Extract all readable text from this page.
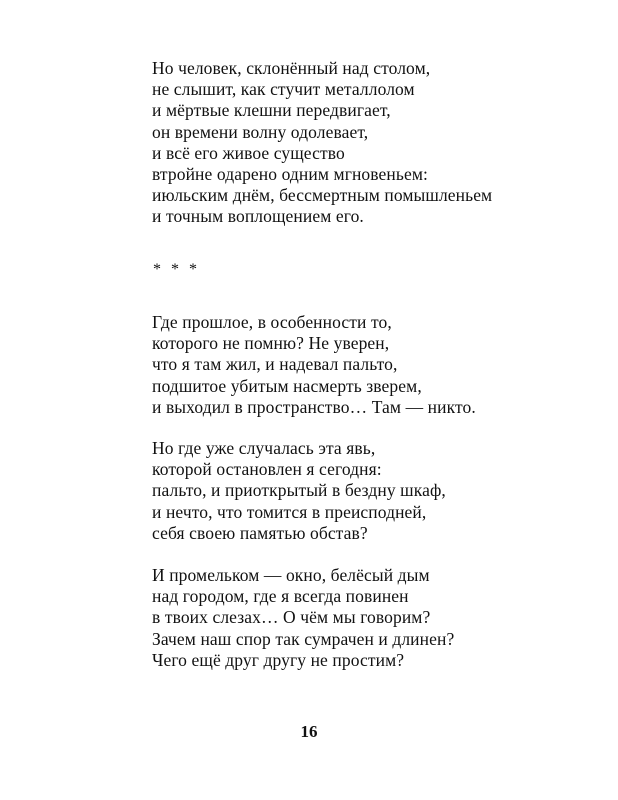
Но человек, склонённый над столом,
не слышит, как стучит металлолом
и мёртвые клешни передвигает,
он времени волну одолевает,
и всё его живое существо
втройне одарено одним мгновеньем:
июльским днём, бессмертным помышленьем
и точным воплощением его.
* * *
Где прошлое, в особенности то,
которого не помню? Не уверен,
что я там жил, и надевал пальто,
подшитое убитым насмерть зверем,
и выходил в пространство… Там — никто.
Но где уже случалась эта явь,
которой остановлен я сегодня:
пальто, и приоткрытый в бездну шкаф,
и нечто, что томится в преисподней,
себя своею памятью обстав?
И промельком — окно, белёсый дым
над городом, где я всегда повинен
в твоих слезах… О чём мы говорим?
Зачем наш спор так сумрачен и длинен?
Чего ещё друг другу не простим?
16
